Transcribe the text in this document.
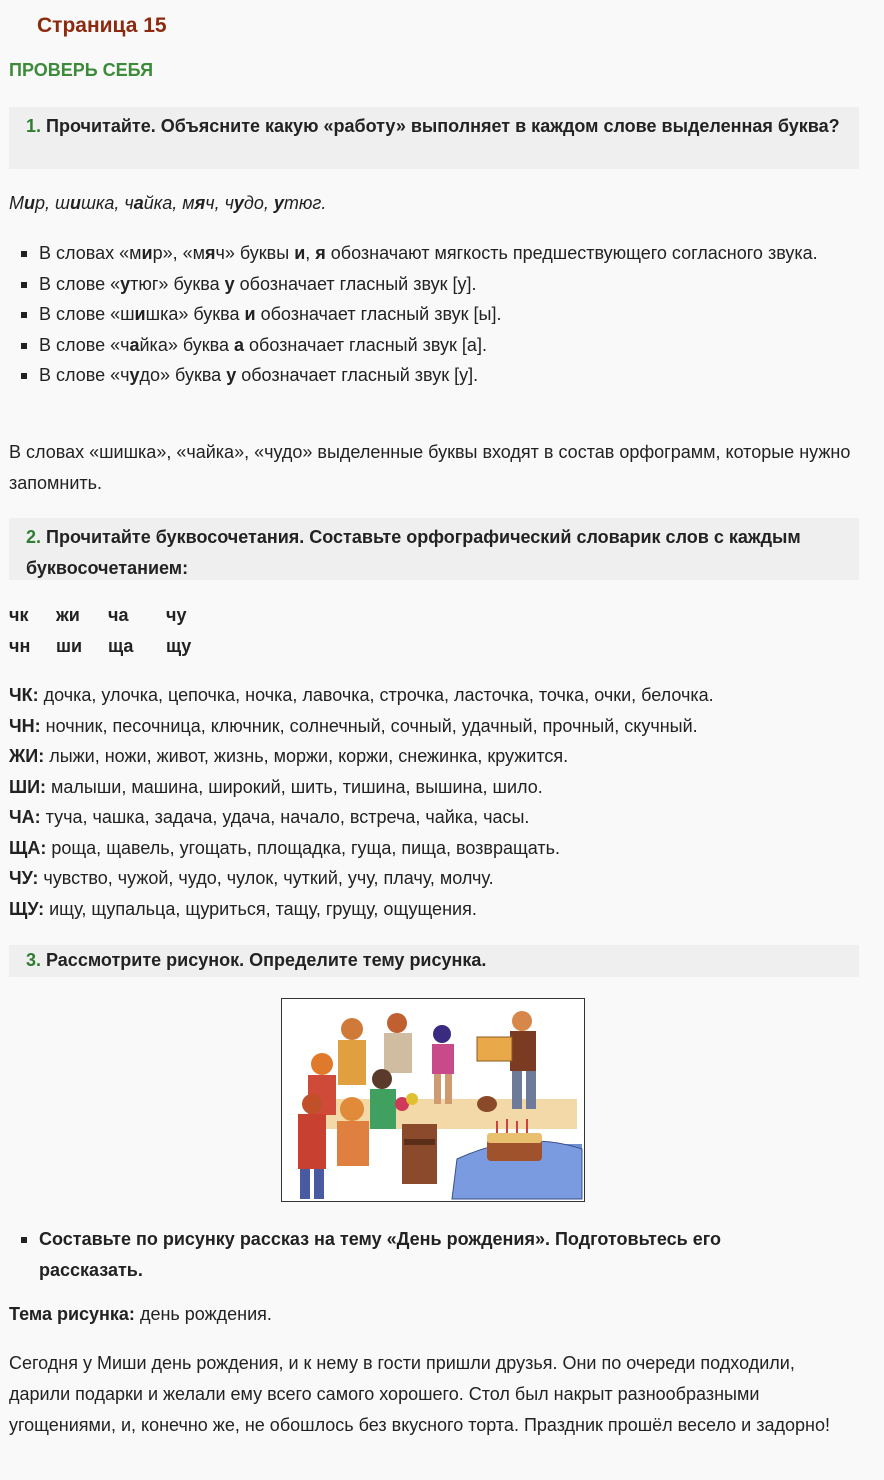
Страница 15
ПРОВЕРЬ СЕБЯ
1. Прочитайте. Объясните какую «работу» выполняет в каждом слове выделенная буква?
Мир, шишка, чайка, мяч, чудо, утюг.
В словах «мир», «мяч» буквы и, я обозначают мягкость предшествующего согласного звука.
В слове «утюг» буква у обозначает гласный звук [у].
В слове «шишка» буква и обозначает гласный звук [ы].
В слове «чайка» буква а обозначает гласный звук [а].
В слове «чудо» буква у обозначает гласный звук [у].
В словах «шишка», «чайка», «чудо» выделенные буквы входят в состав орфограмм, которые нужно запомнить.
2. Прочитайте буквосочетания. Составьте орфографический словарик слов с каждым буквосочетанием:
чк жи ча чу
чн ши ща щу
ЧК: дочка, улочка, цепочка, ночка, лавочка, строчка, ласточка, точка, очки, белочка.
ЧН: ночник, песочница, ключник, солнечный, сочный, удачный, прочный, скучный.
ЖИ: лыжи, ножи, живот, жизнь, моржи, коржи, снежинка, кружится.
ШИ: малыши, машина, широкий, шить, тишина, вышина, шило.
ЧА: туча, чашка, задача, удача, начало, встреча, чайка, часы.
ЩА: роща, щавель, угощать, площадка, гуща, пища, возвращать.
ЧУ: чувство, чужой, чудо, чулок, чуткий, учу, плачу, молчу.
ЩУ: ищу, щупальца, щуриться, тащу, грущу, ощущения.
3. Рассмотрите рисунок. Определите тему рисунка.
Составьте по рисунку рассказ на тему «День рождения». Подготовьтесь его рассказать.
Тема рисунка: день рождения.
Сегодня у Миши день рождения, и к нему в гости пришли друзья. Они по очереди подходили, дарили подарки и желали ему всего самого хорошего. Стол был накрыт разнообразными угощениями, и, конечно же, не обошлось без вкусного торта. Праздник прошёл весело и задорно!
